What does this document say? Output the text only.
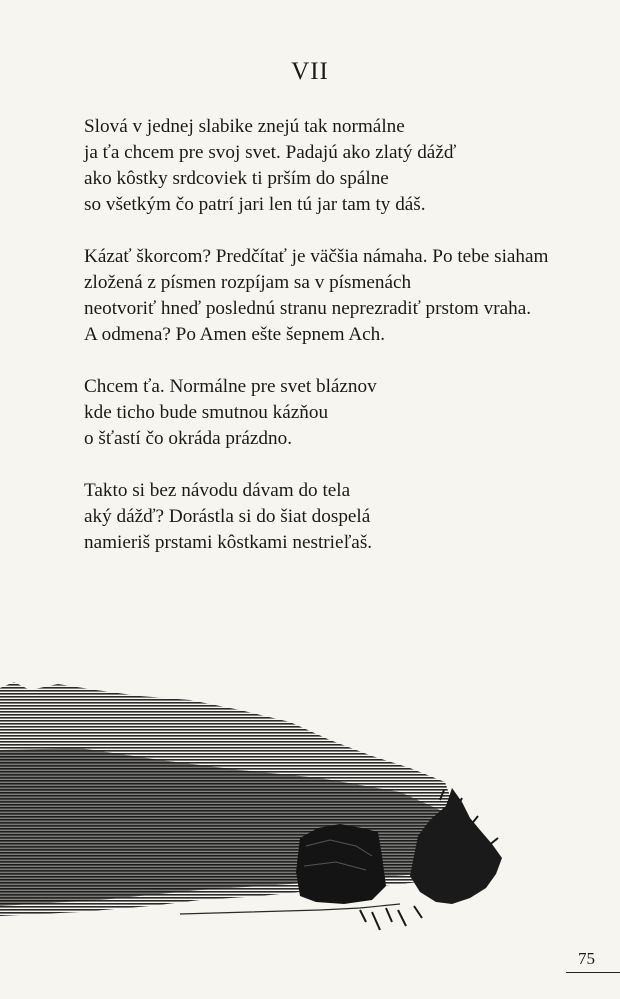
VII
Slová v jednej slabike znejú tak normálne
ja ťa chcem pre svoj svet. Padajú ako zlatý dážď
ako kôstky srdcoviek ti prším do spálne
so všetkým čo patrí jari len tú jar tam ty dáš.
Kázať škorcom? Predčítať je väčšia námaha. Po tebe siaham
zložená z písmen rozpíjam sa v písmenách
neotvoriť hneď poslednú stranu neprezradiť prstom vraha.
A odmena? Po Amen ešte šepnem Ach.
Chcem ťa. Normálne pre svet bláznov
kde ticho bude smutnou kázňou
o šťastí čo okráda prázdno.
Takto si bez návodu dávam do tela
aký dážď? Dorástla si do šiat dospelá
namieriš prstami kôstkami nestrieľaš.
75
